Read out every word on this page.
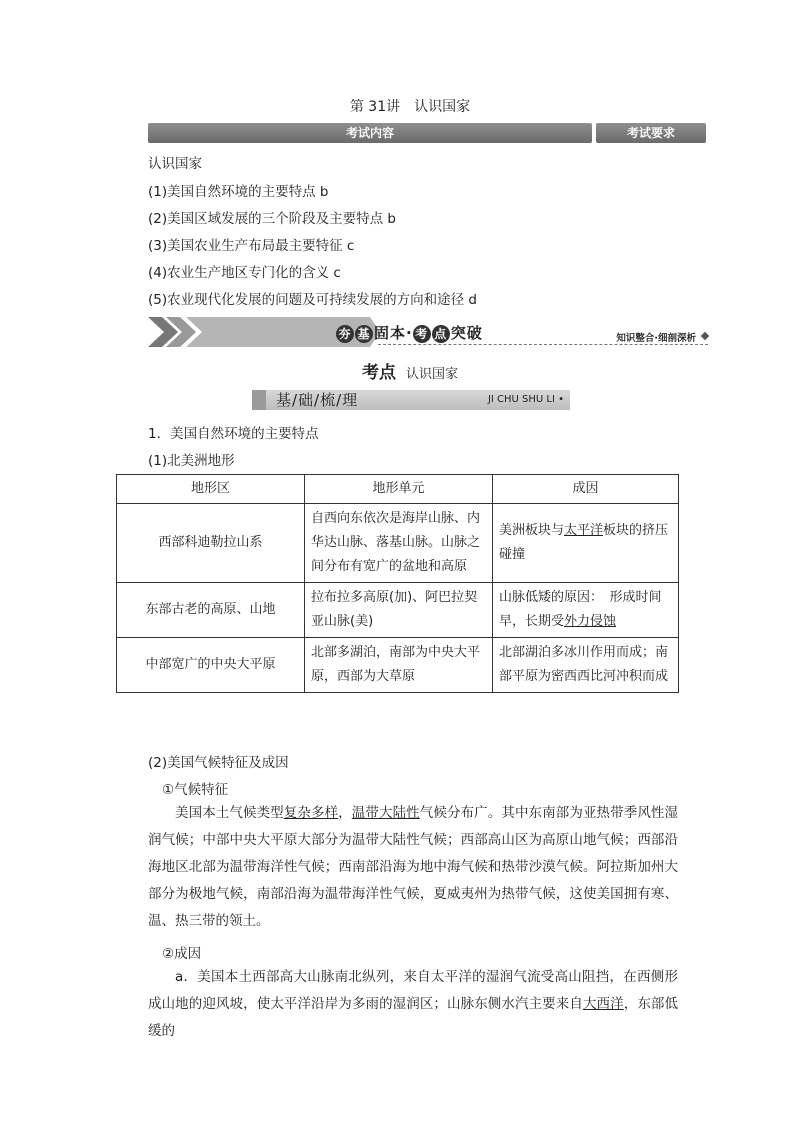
第 31讲　认识国家
考试内容	考试要求
认识国家
(1)美国自然环境的主要特点 b
(2)美国区域发展的三个阶段及主要特点 b
(3)美国农业生产布局最主要特征 c
(4)农业生产地区专门化的含义 c
(5)农业现代化发展的问题及可持续发展的方向和途径 d
夯 基 固本· 考 点 突破	知识整合·细剖深析
考点 认识国家
基/础/梳/理	JI CHU SHU LI •
1．美国自然环境的主要特点
(1)北美洲地形
地形区	地形单元	成因
西部科迪勒拉山系	自西向东依次是海岸山脉、内华达山脉、落基山脉。山脉之间分布有宽广的盆地和高原	美洲板块与太平洋板块的挤压碰撞
东部古老的高原、山地	拉布拉多高原(加)、阿巴拉契亚山脉(美)	山脉低矮的原因：　形成时间早，长期受外力侵蚀
中部宽广的中央大平原	北部多湖泊，南部为中央大平原，西部为大草原	北部湖泊多冰川作用而成；南部平原为密西西比河冲积而成
(2)美国气候特征及成因
①气候特征
美国本土气候类型复杂多样，温带大陆性气候分布广。其中东南部为亚热带季风性湿润气候；中部中央大平原大部分为温带大陆性气候；西部高山区为高原山地气候；西部沿海地区北部为温带海洋性气候；西南部沿海为地中海气候和热带沙漠气候。阿拉斯加州大部分为极地气候，南部沿海为温带海洋性气候，夏威夷州为热带气候，这使美国拥有寒、温、热三带的领土。
②成因
a．美国本土西部高大山脉南北纵列，来自太平洋的湿润气流受高山阻挡，在西侧形成山地的迎风坡，使太平洋沿岸为多雨的湿润区；山脉东侧水汽主要来自大西洋，东部低缓的
